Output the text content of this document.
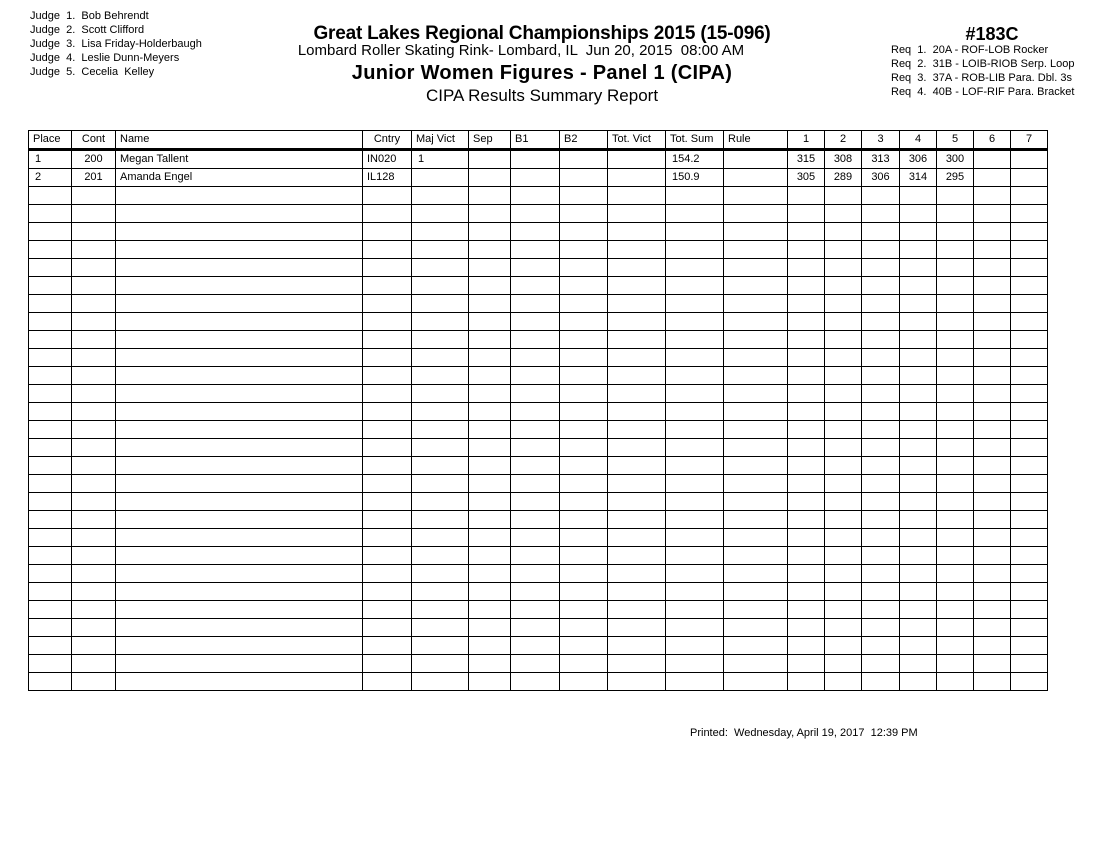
Judge  1. Bob Behrendt
Judge  2. Scott Clifford
Judge  3. Lisa Friday-Holderbaugh
Judge  4. Leslie Dunn-Meyers
Judge  5. Cecelia  Kelley
Great Lakes Regional Championships 2015 (15-096)
Lombard Roller Skating Rink- Lombard, IL  Jun 20, 2015  08:00 AM
Junior Women Figures - Panel 1 (CIPA)
CIPA Results Summary Report
#183C
Req  1. 20A - ROF-LOB Rocker
Req  2. 31B - LOIB-RIOB Serp. Loop
Req  3. 37A - ROB-LIB Para. Dbl. 3s
Req  4. 40B - LOF-RIF Para. Bracket
Place	Cont	Name	Cntry	Maj Vict	Sep	B1	B2	Tot. Vict	Tot. Sum	Rule	1	2	3	4	5	6	7
1	200	Megan Tallent	IN020	1					154.2		315	308	313	306	300		
2	201	Amanda Engel	IL128						150.9		305	289	306	314	295		

Printed:  Wednesday, April 19, 2017  12:39 PM
